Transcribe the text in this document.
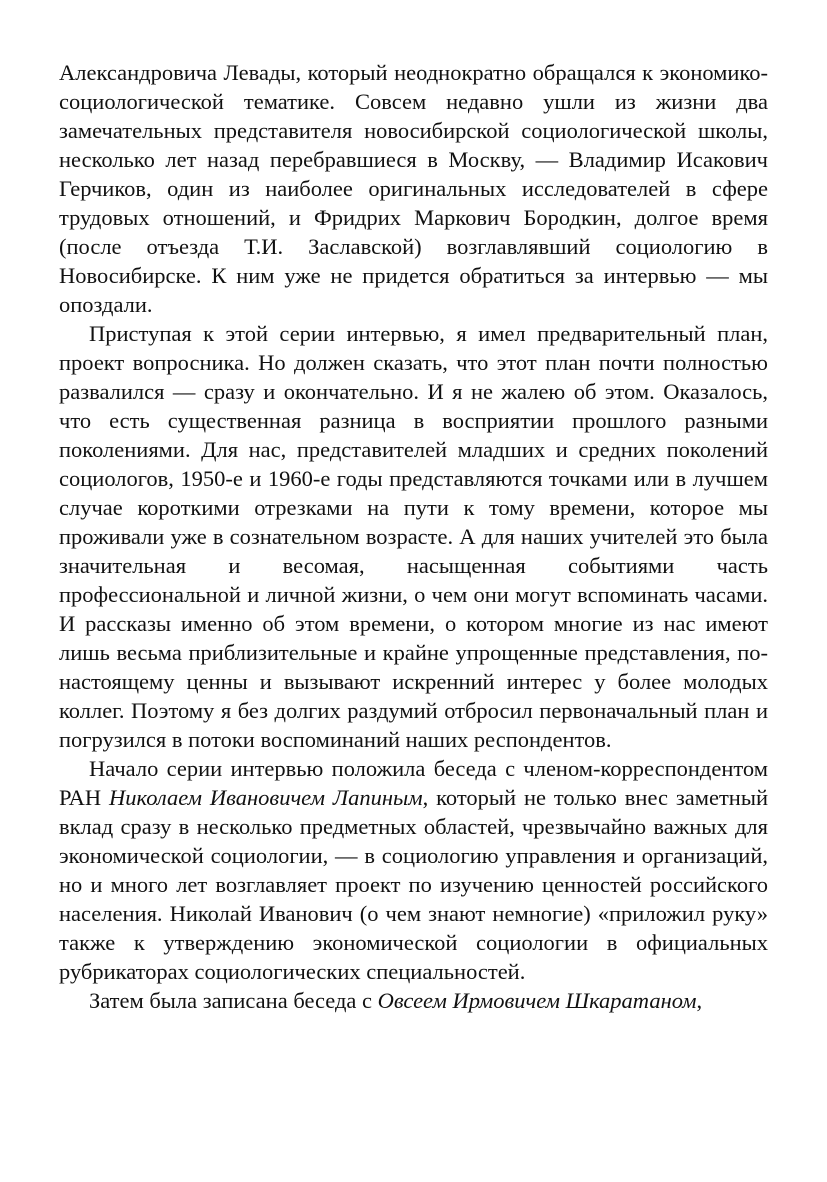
Александровича Левады, который неоднократно обращался к экономико-социологической тематике. Совсем недавно ушли из жизни два замечательных представителя новосибирской социологической школы, несколько лет назад перебравшиеся в Москву, — Владимир Исакович Герчиков, один из наиболее оригинальных исследователей в сфере трудовых отношений, и Фридрих Маркович Бородкин, долгое время (после отъезда Т.И. Заславской) возглавлявший социологию в Новосибирске. К ним уже не придется обратиться за интервью — мы опоздали.

Приступая к этой серии интервью, я имел предварительный план, проект вопросника. Но должен сказать, что этот план почти полностью развалился — сразу и окончательно. И я не жалею об этом. Оказалось, что есть существенная разница в восприятии прошлого разными поколениями. Для нас, представителей младших и средних поколений социологов, 1950-е и 1960-е годы представляются точками или в лучшем случае короткими отрезками на пути к тому времени, которое мы проживали уже в сознательном возрасте. А для наших учителей это была значительная и весомая, насыщенная событиями часть профессиональной и личной жизни, о чем они могут вспоминать часами. И рассказы именно об этом времени, о котором многие из нас имеют лишь весьма приблизительные и крайне упрощенные представления, по-настоящему ценны и вызывают искренний интерес у более молодых коллег. Поэтому я без долгих раздумий отбросил первоначальный план и погрузился в потоки воспоминаний наших респондентов.

Начало серии интервью положила беседа с членом-корреспондентом РАН Николаем Ивановичем Лапиным, который не только внес заметный вклад сразу в несколько предметных областей, чрезвычайно важных для экономической социологии, — в социологию управления и организаций, но и много лет возглавляет проект по изучению ценностей российского населения. Николай Иванович (о чем знают немногие) «приложил руку» также к утверждению экономической социологии в официальных рубрикаторах социологических специальностей.

Затем была записана беседа с Овсеем Ирмовичем Шкаратаном,
